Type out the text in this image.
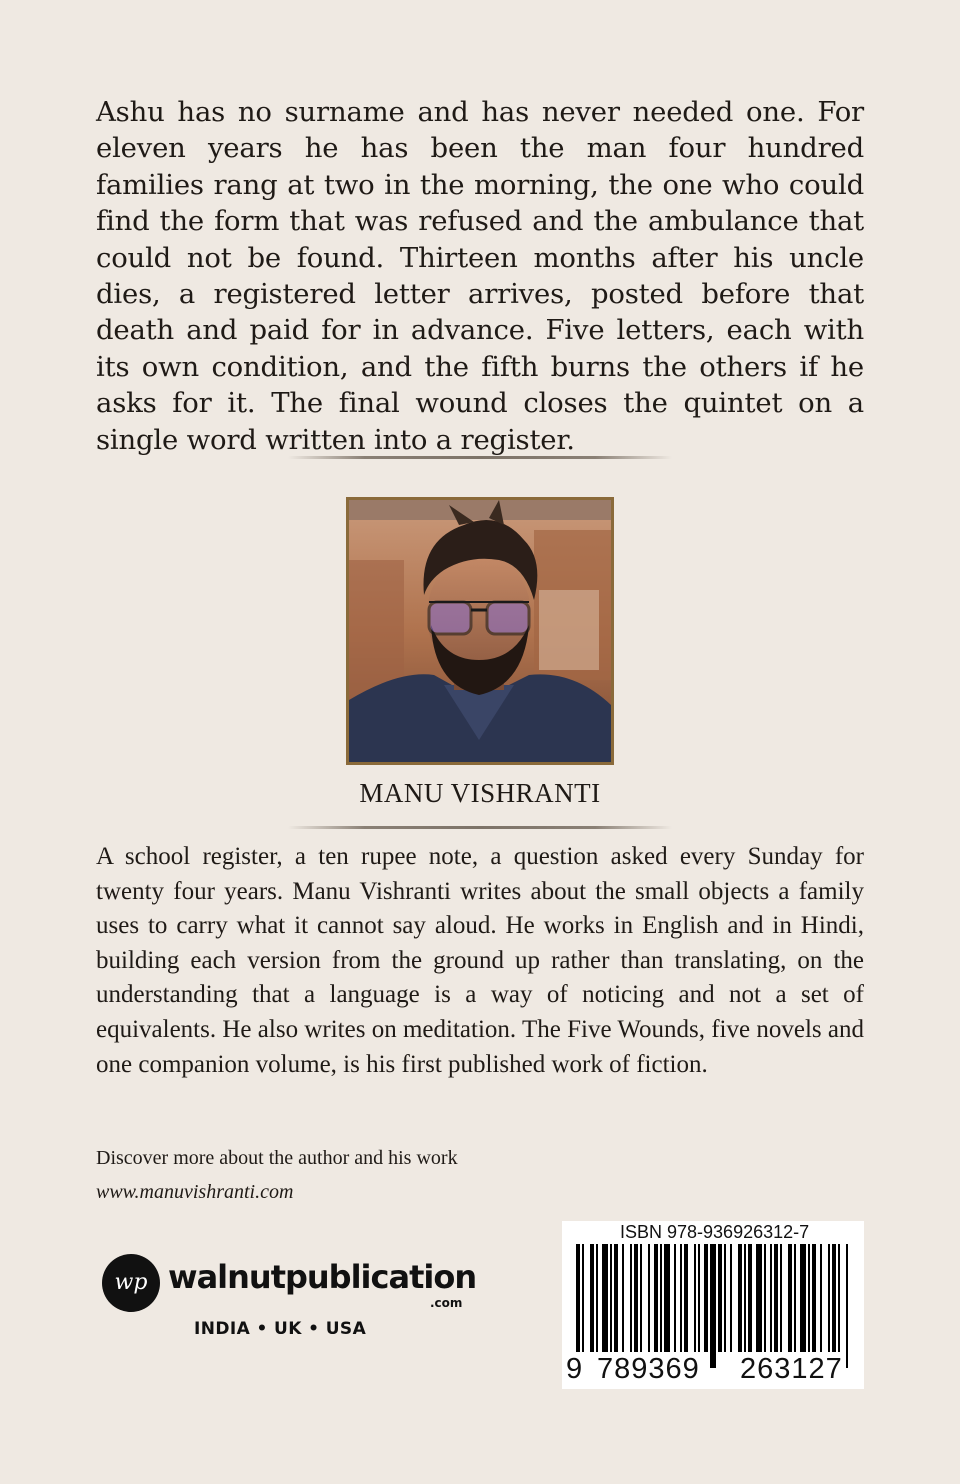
Ashu has no surname and has never needed one. For eleven years he has been the man four hundred families rang at two in the morning, the one who could find the form that was refused and the ambulance that could not be found. Thirteen months after his uncle dies, a registered letter arrives, posted before that death and paid for in advance. Five letters, each with its own condition, and the fifth burns the others if he asks for it. The final wound closes the quintet on a single word written into a register.

MANU VISHRANTI

A school register, a ten rupee note, a question asked every Sunday for twenty four years. Manu Vishranti writes about the small objects a family uses to carry what it cannot say aloud. He works in English and in Hindi, building each version from the ground up rather than translating, on the understanding that a language is a way of noticing and not a set of equivalents. He also writes on meditation. The Five Wounds, five novels and one companion volume, is his first published work of fiction.

Discover more about the author and his work
www.manuvishranti.com
wp walnutpublication
.com
INDIA • UK • USA
ISBN 978-936926312-7
9 789369 263127
